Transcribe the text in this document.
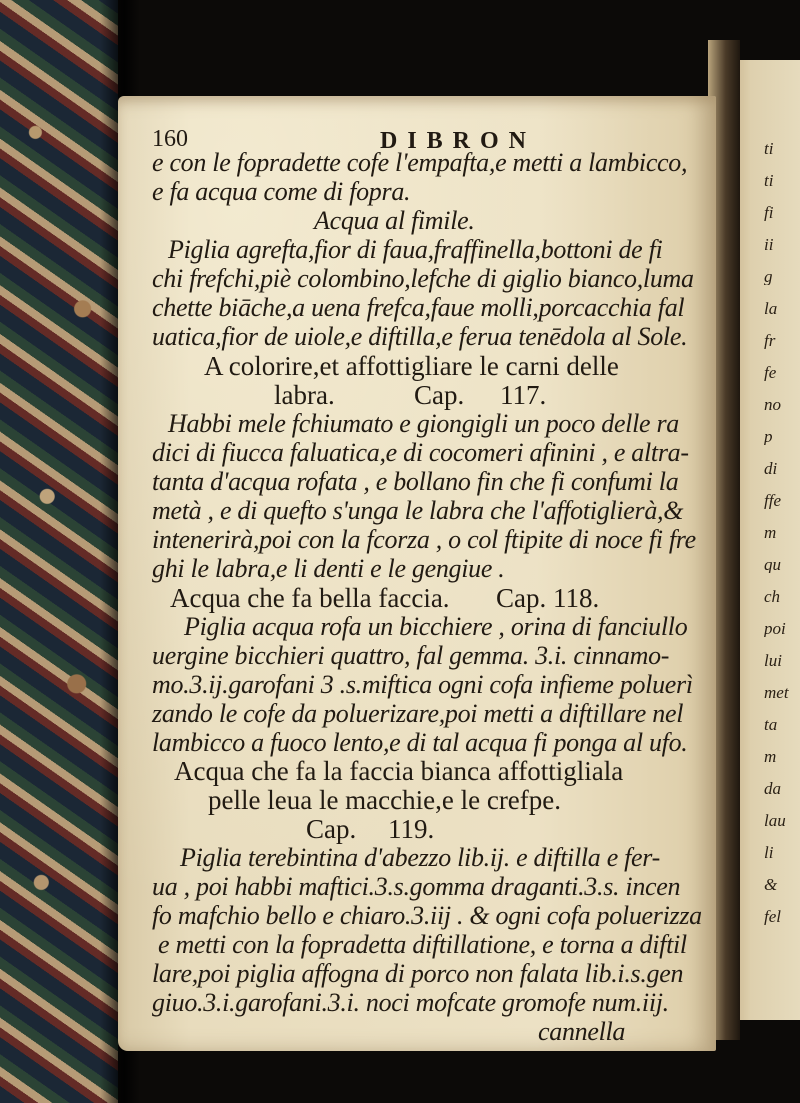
ti
ti
fi
ii
g
la
fr
fe
no
p
di
ffe
m
qu
ch
poi
lui
met
ta
m
da
lau
li
&
fel
160	D I B R O N
e con le fopradette cofe l'empafta,e metti a lambicco,
e fa acqua come di fopra.
Acqua al fimile.
Piglia agrefta,fior di faua,fraffinella,bottoni de fi
chi frefchi,piè colombino,lefche di giglio bianco,luma
chette biāche,a uena frefca,faue molli,porcacchia fal
uatica,fior de uiole,e diftilla,e ferua tenēdola al Sole.
A colorire,et affottigliare le carni delle
labra.	Cap. 117.
Habbi mele fchiumato e giongigli un poco delle ra
dici di fiucca faluatica,e di cocomeri afinini , e altra-
tanta d'acqua rofata , e bollano fin che fi confumi la
metà , e di quefto s'unga le labra che l'affotiglierà,&
intenerirà,poi con la fcorza , o col ftipite di noce fi fre
ghi le labra,e li denti e le gengiue .
Acqua che fa bella faccia. Cap. 118.
Piglia acqua rofa un bicchiere , orina di fanciullo
uergine bicchieri quattro, fal gemma. 3.i. cinnamo-
mo.3.ij.garofani 3 .s.miftica ogni cofa infieme poluerì
zando le cofe da poluerizare,poi metti a diftillare nel
lambicco a fuoco lento,e di tal acqua fi ponga al ufo.
Acqua che fa la faccia bianca affottigliala
pelle leua le macchie,e le crefpe.
Cap. 119.
Piglia terebintina d'abezzo lib.ij. e diftilla e fer-
ua , poi habbi maftici.3.s.gomma draganti.3.s. incen
fo mafchio bello e chiaro.3.iij . & ogni cofa poluerizza
e metti con la fopradetta diftillatione, e torna a diftil
lare,poi piglia affogna di porco non falata lib.i.s.gen
giuo.3.i.garofani.3.i. noci mofcate gromofe num.iij.
cannella
